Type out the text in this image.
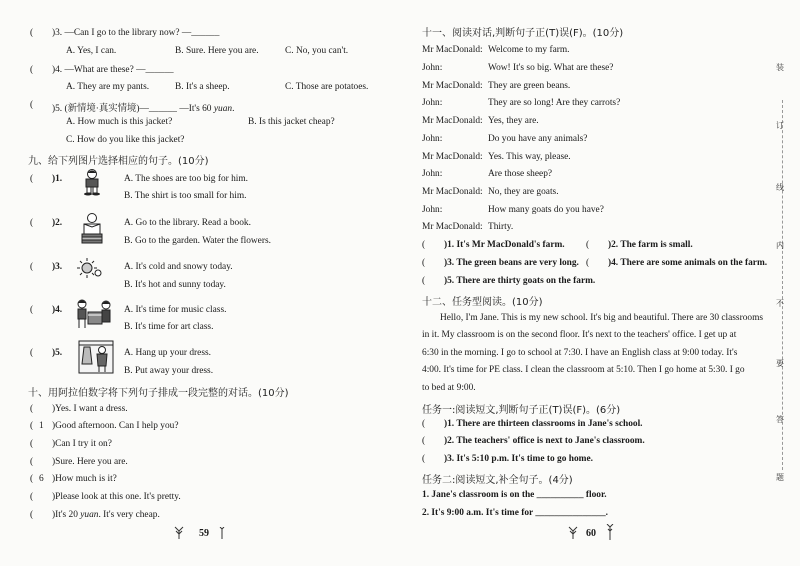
( )3. —Can I go to the library now? —______
A. Yes, I can.	B. Sure. Here you are.	C. No, you can't.
( )4. —What are these? —______
A. They are my pants.	B. It's a sheep.	C. Those are potatoes.
( )5. (新情境·真实情境)—______ —It's 60 yuan.
A. How much is this jacket?	B. Is this jacket cheap?
C. How do you like this jacket?
九、给下列图片选择相应的句子。(10分)
( )1.	A. The shoes are too big for him.
B. The shirt is too small for him.
( )2.	A. Go to the library. Read a book.
B. Go to the garden. Water the flowers.
( )3.	A. It's cold and snowy today.
B. It's hot and sunny today.
( )4.	A. It's time for music class.
B. It's time for art class.
( )5.	A. Hang up your dress.
B. Put away your dress.
十、用阿拉伯数字将下列句子排成一段完整的对话。(10分)
( )Yes. I want a dress.
( 1 )Good afternoon. Can I help you?
( )Can I try it on?
( )Sure. Here you are.
( 6 )How much is it?
( )Please look at this one. It's pretty.
( )It's 20 yuan. It's very cheap.
59
十一、阅读对话,判断句子正(T)误(F)。(10分)
Mr MacDonald: Welcome to my farm.
John:	Wow! It's so big. What are these?
Mr MacDonald: They are green beans.
John:	They are so long! Are they carrots?
Mr MacDonald: Yes, they are.
John:	Do you have any animals?
Mr MacDonald: Yes. This way, please.
John:	Are those sheep?
Mr MacDonald: No, they are goats.
John:	How many goats do you have?
Mr MacDonald: Thirty.
( )1. It's Mr MacDonald's farm. ( )2. The farm is small.
( )3. The green beans are very long. ( )4. There are some animals on the farm.
( )5. There are thirty goats on the farm.
十二、任务型阅读。(10分)
Hello, I'm Jane. This is my new school. It's big and beautiful. There are 30 classrooms
in it. My classroom is on the second floor. It's next to the teachers' office. I get up at
6:30 in the morning. I go to school at 7:30. I have an English class at 9:00 today. It's
4:00. It's time for PE class. I clean the classroom at 5:10. Then I go home at 5:30. I go
to bed at 9:00.
任务一:阅读短文,判断句子正(T)误(F)。(6分)
( )1. There are thirteen classrooms in Jane's school.
( )2. The teachers' office is next to Jane's classroom.
( )3. It's 5:10 p.m. It's time to go home.
任务二:阅读短文,补全句子。(4分)
1. Jane's classroom is on the __________ floor.
2. It's 9:00 a.m. It's time for _______________.
60
装
订
线
内
不
要
答
题
